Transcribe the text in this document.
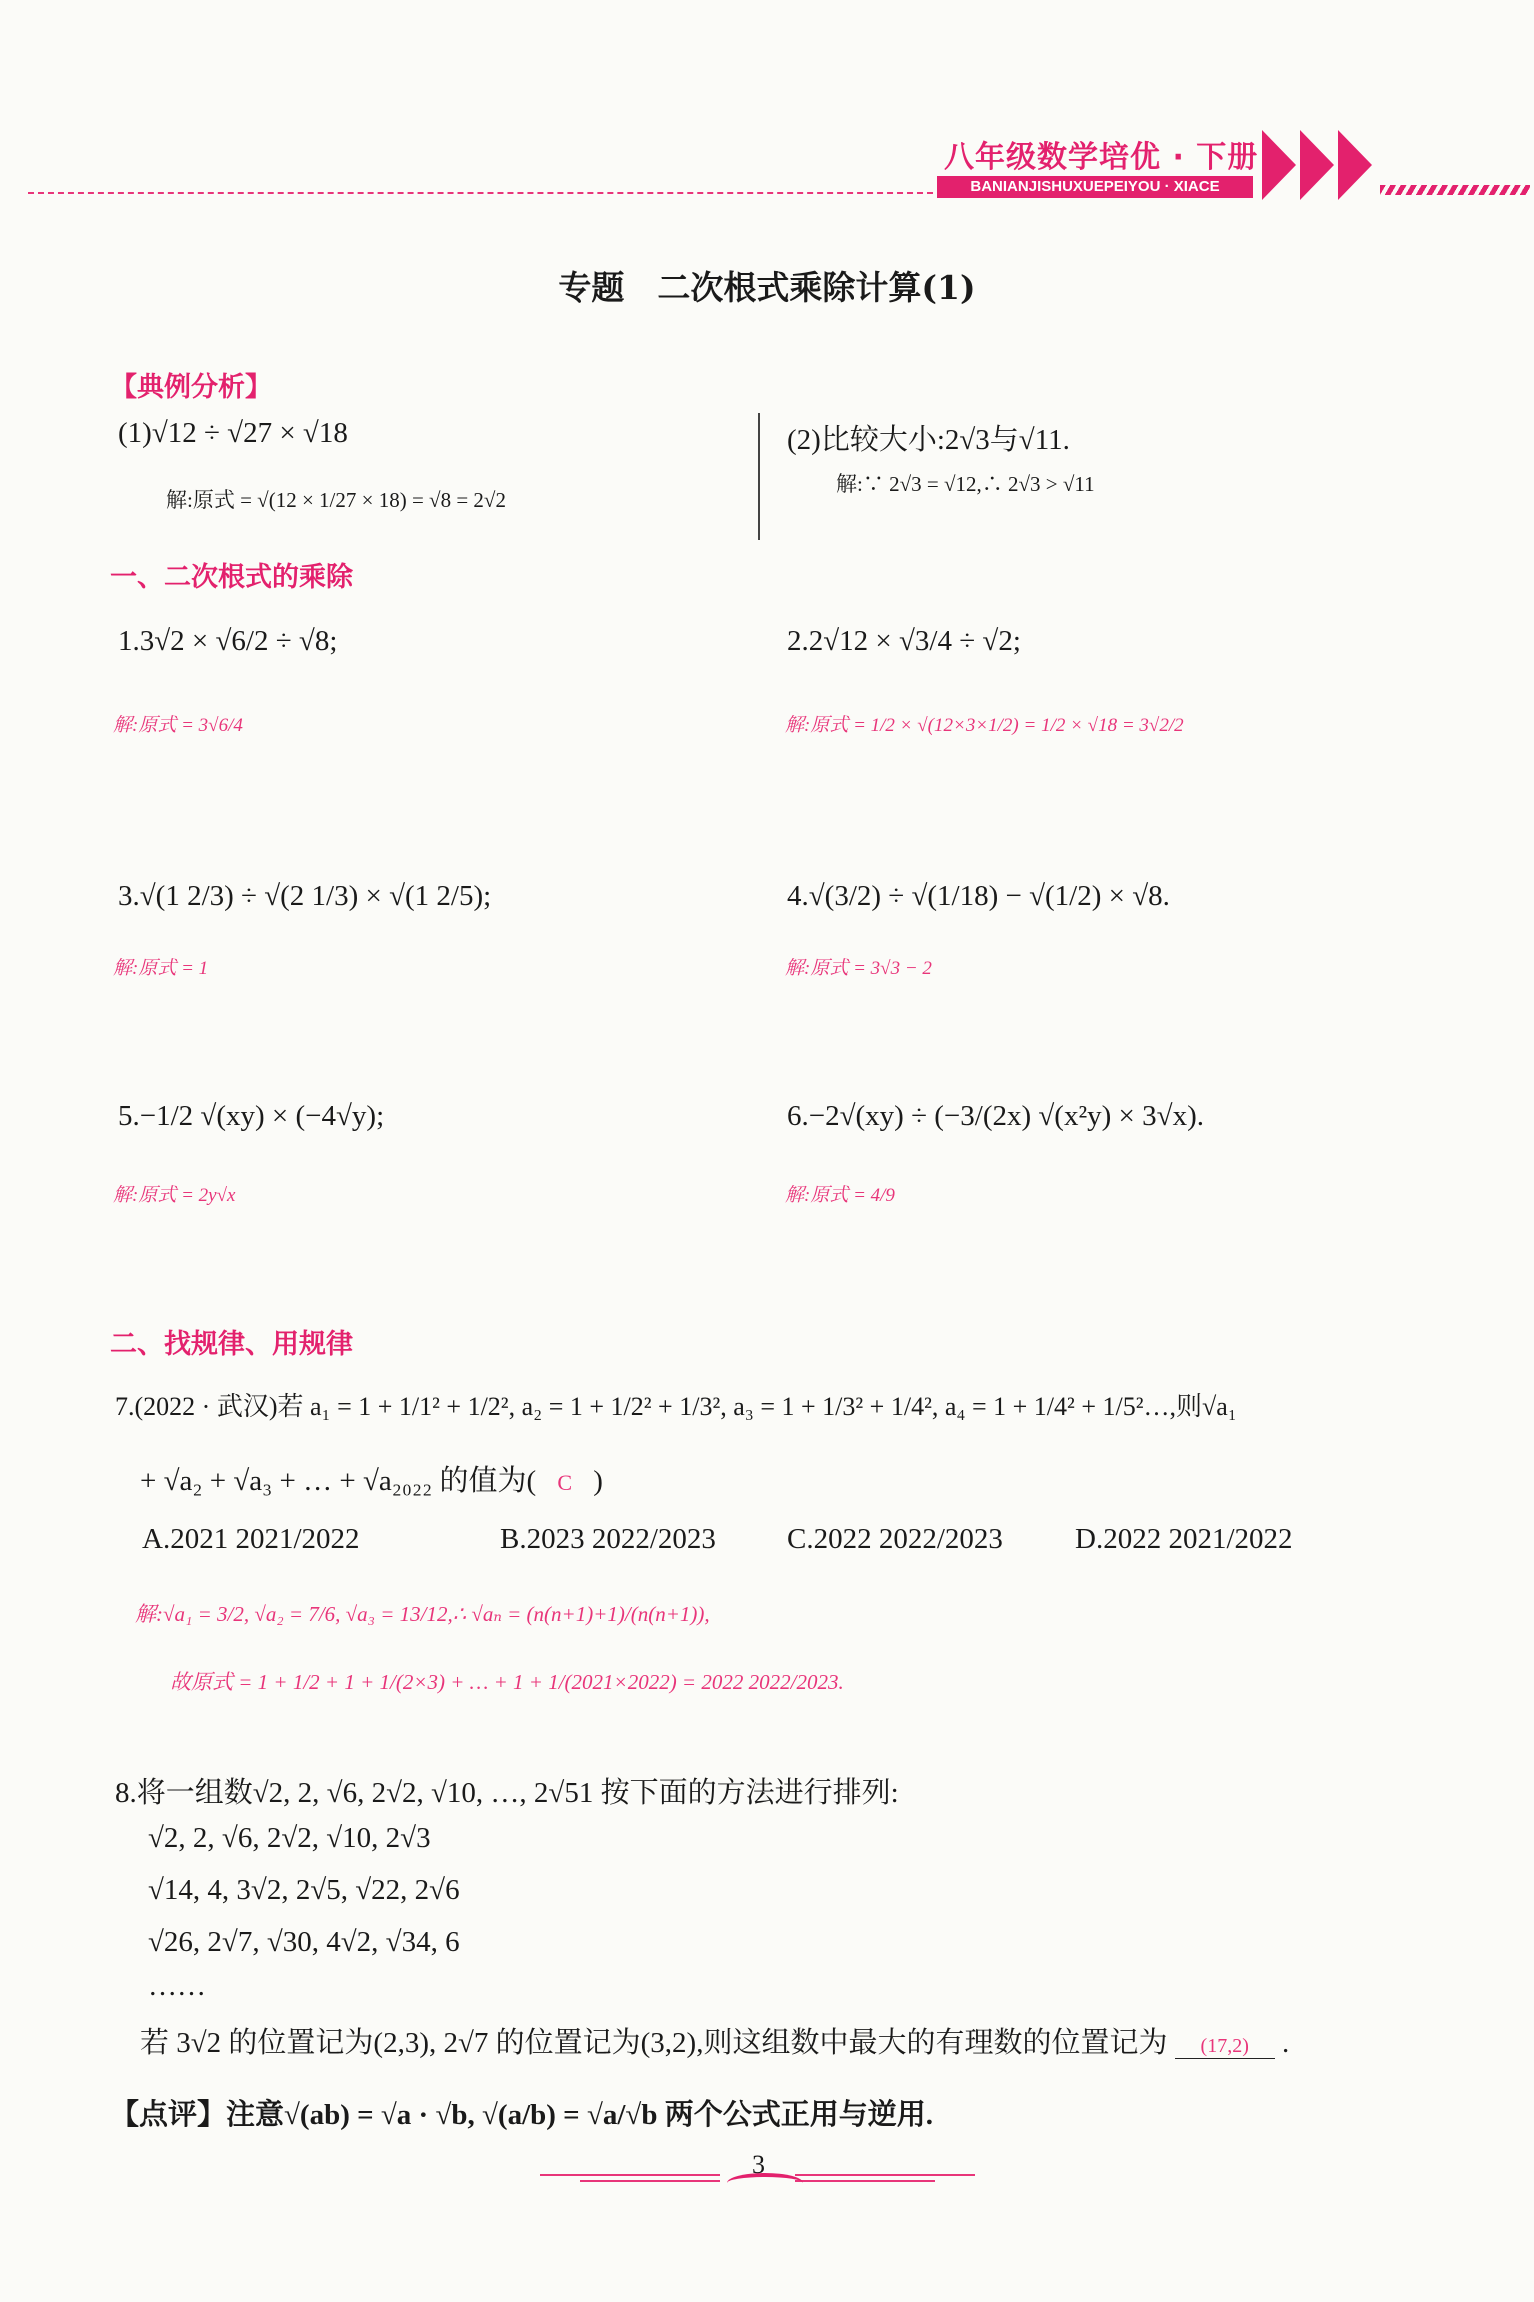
八年级数学培优 · 下册
BANIANJISHUXUEPEIYOU · XIACE
专题　二次根式乘除计算(1)
【典例分析】
(1)√12 ÷ √27 × √18
解:原式 = √(12 × 1/27 × 18) = √8 = 2√2
(2)比较大小:2√3与√11.
解:∵ 2√3 = √12,∴ 2√3 > √11
一、二次根式的乘除
1.3√2 × √6/2 ÷ √8;
解:原式 = 3√6/4
2.2√12 × √3/4 ÷ √2;
解:原式 = 1/2 × √(12×3×1/2) = 1/2 × √18 = 3√2/2
3.√(1 2/3) ÷ √(2 1/3) × √(1 2/5);
解:原式 = 1
4.√(3/2) ÷ √(1/18) − √(1/2) × √8.
解:原式 = 3√3 − 2
5.−1/2 √(xy) × (−4√y);
解:原式 = 2y√x
6.−2√(xy) ÷ (−3/(2x) √(x²y) × 3√x).
解:原式 = 4/9
二、找规律、用规律
7.(2022 · 武汉)若 a₁ = 1 + 1/1² + 1/2², a₂ = 1 + 1/2² + 1/3², a₃ = 1 + 1/3² + 1/4², a₄ = 1 + 1/4² + 1/5²…,则√a₁
+ √a₂ + √a₃ + … + √a₂₀₂₂ 的值为( C )
A.2021 2021/2022	B.2023 2022/2023 C.2022 2022/2023 D.2022 2021/2022
解:√a₁ = 3/2, √a₂ = 7/6, √a₃ = 13/12,∴ √aₙ = (n(n+1)+1)/(n(n+1)),
故原式 = 1 + 1/2 + 1 + 1/(2×3) + … + 1 + 1/(2021×2022) = 2022 2022/2023.
8.将一组数√2, 2, √6, 2√2, √10, …, 2√51 按下面的方法进行排列:
√2, 2, √6, 2√2, √10, 2√3
√14, 4, 3√2, 2√5, √22, 2√6
√26, 2√7, √30, 4√2, √34, 6
……
若 3√2 的位置记为(2,3), 2√7 的位置记为(3,2),则这组数中最大的有理数的位置记为 (17,2) .
【点评】注意√(ab) = √a · √b, √(a/b) = √a/√b 两个公式正用与逆用.
3
